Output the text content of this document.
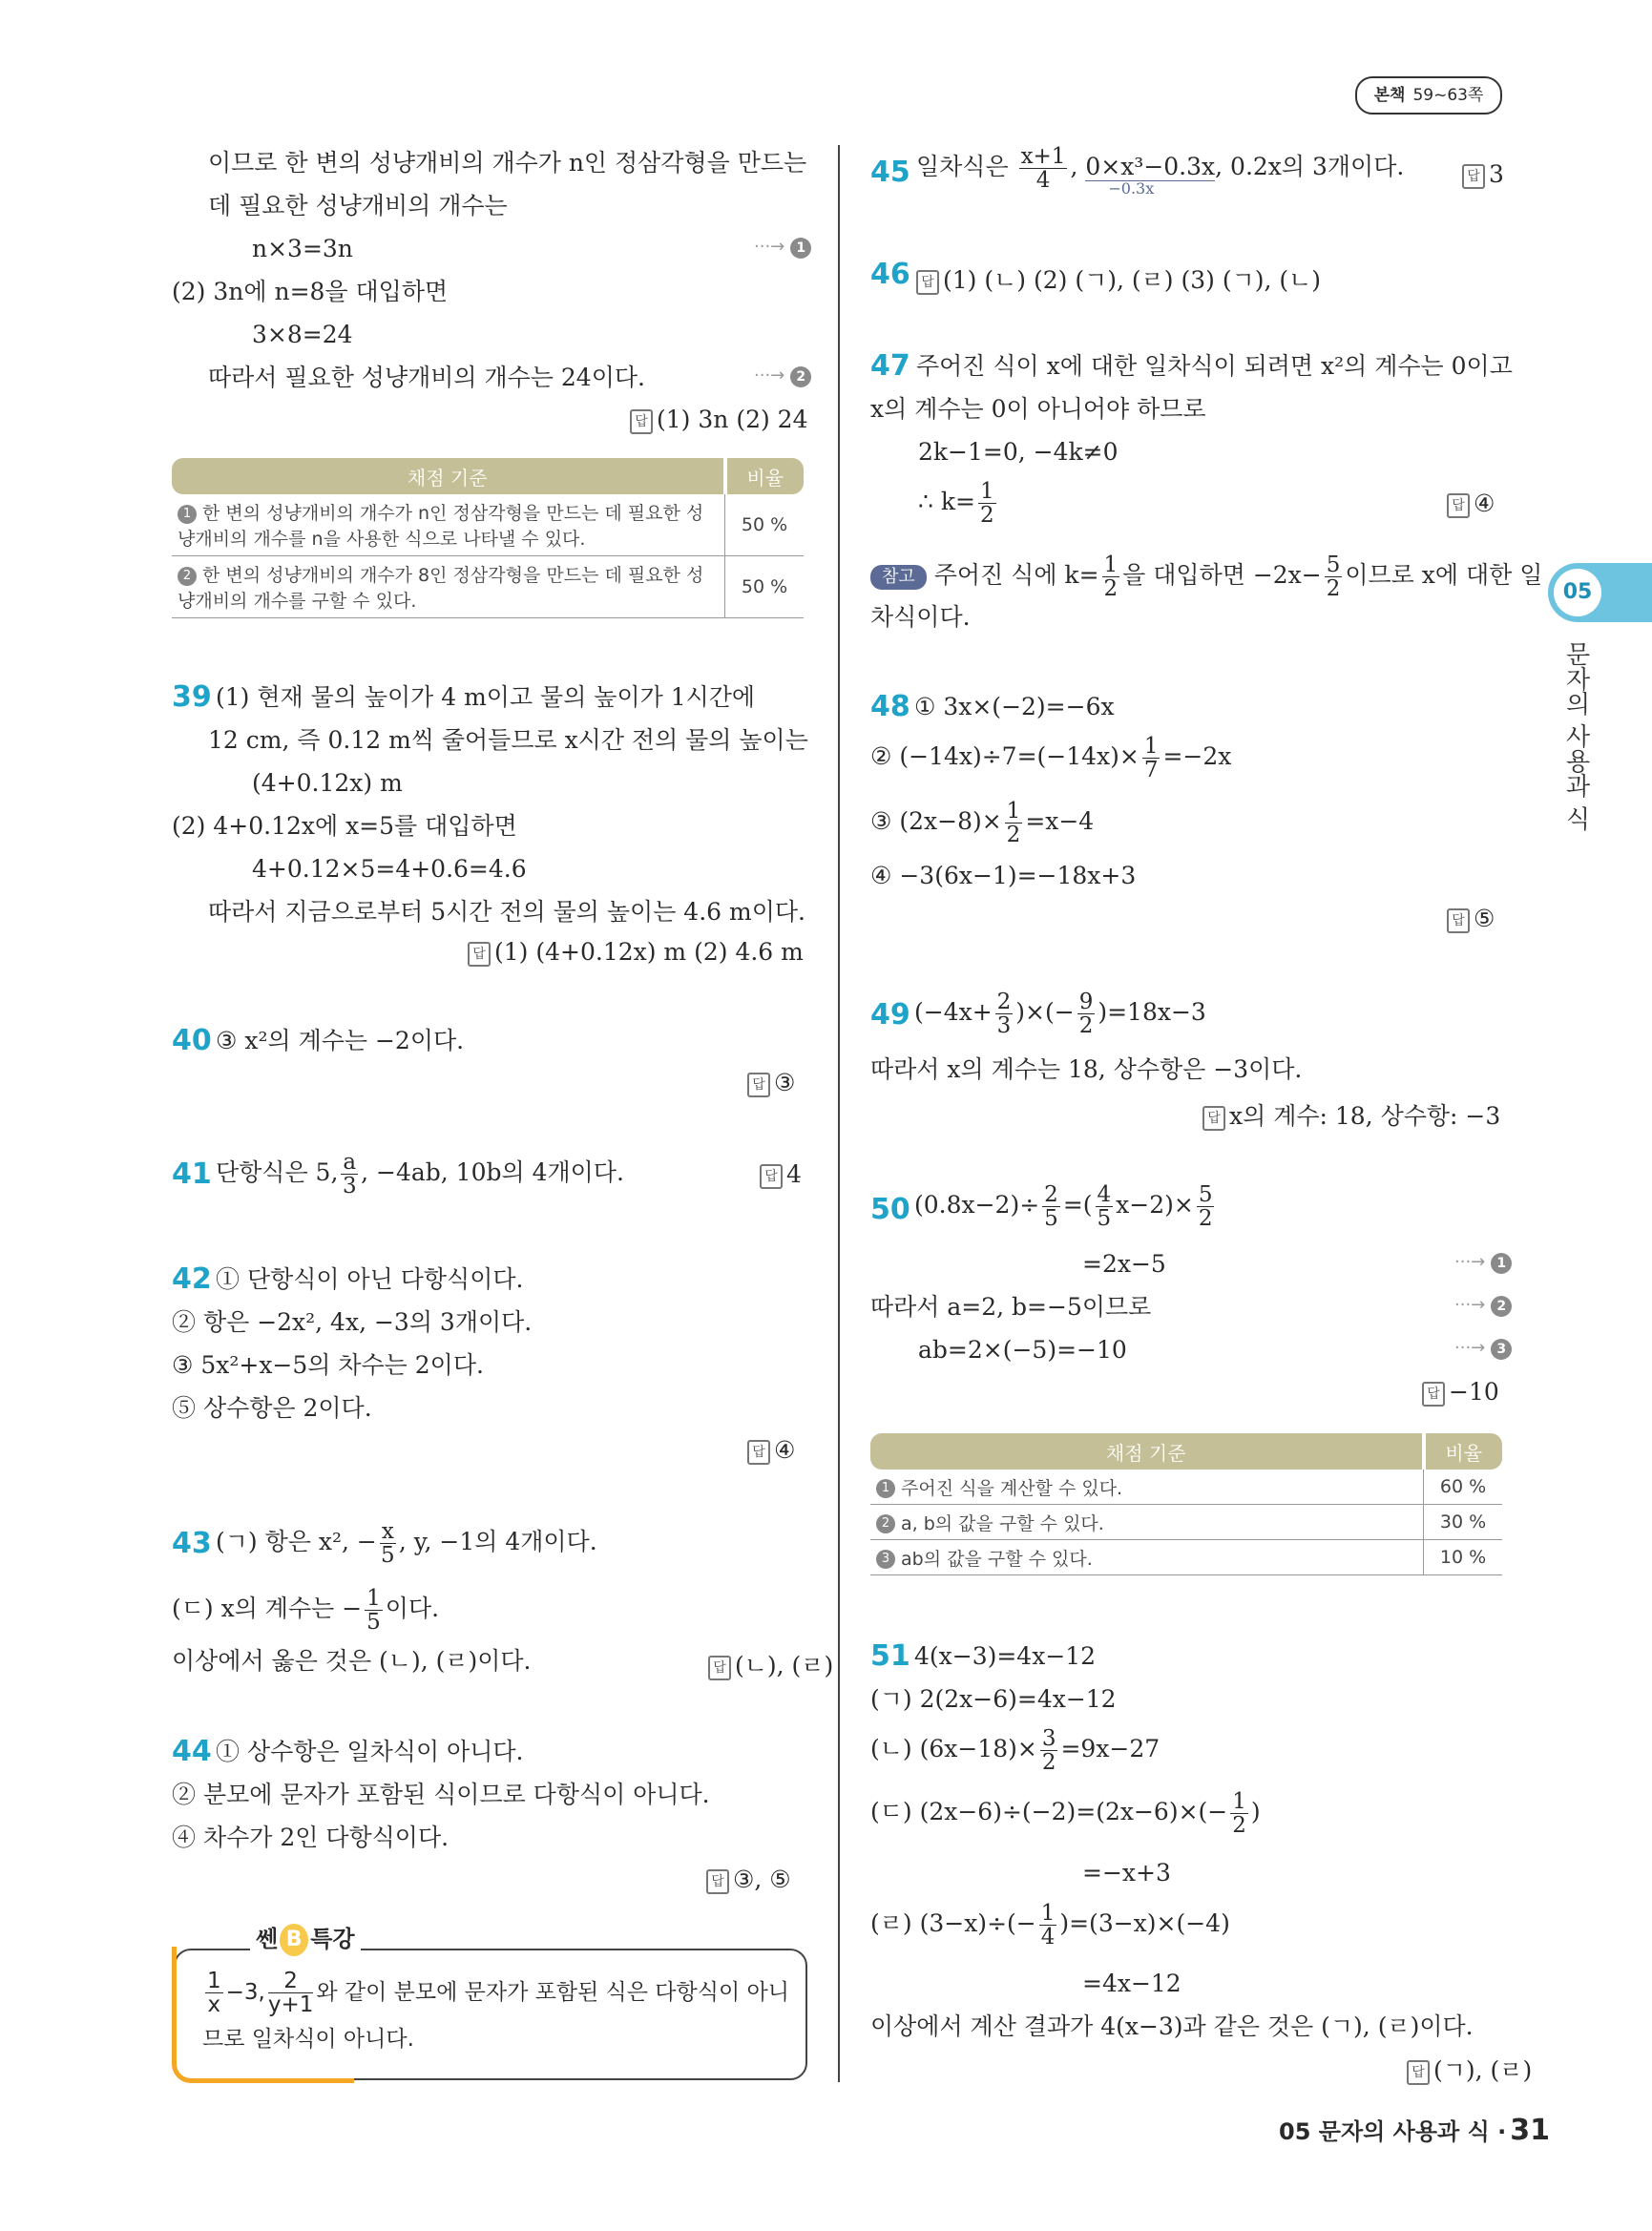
본책 59~63쪽
05
문자의 사용과 식
이므로 한 변의 성냥개비의 개수가 n인 정삼각형을 만드는
데 필요한 성냥개비의 개수는
n×3=3n	···→ 1
(2) 3n에 n=8을 대입하면
3×8=24
따라서 필요한 성냥개비의 개수는 24이다.	···→ 2
답 (1) 3n (2) 24
채점 기준	비율
1 한 변의 성냥개비의 개수가 n인 정삼각형을 만드는 데 필요한 성냥개비의 개수를 n을 사용한 식으로 나타낼 수 있다.	50 %
2 한 변의 성냥개비의 개수가 8인 정삼각형을 만드는 데 필요한 성냥개비의 개수를 구할 수 있다.	50 %
39 (1) 현재 물의 높이가 4 m이고 물의 높이가 1시간에
12 cm, 즉 0.12 m씩 줄어들므로 x시간 전의 물의 높이는
(4+0.12x) m
(2) 4+0.12x에 x=5를 대입하면
4+0.12×5=4+0.6=4.6
따라서 지금으로부터 5시간 전의 물의 높이는 4.6 m이다.
답 (1) (4+0.12x) m (2) 4.6 m
40 ③ x²의 계수는 −2이다.
답 ③
41 단항식은 5, $\frac{a}{3}$ , −4ab, 10b의 4개이다.	답 4
42 ① 단항식이 아닌 다항식이다.
② 항은 −2x², 4x, −3의 3개이다.
③ 5x²+x−5의 차수는 2이다.
⑤ 상수항은 2이다.
답 ④
43 (ㄱ) 항은 x², − $\frac{x}{5}$ , y, −1의 4개이다.
(ㄷ) x의 계수는 − $\frac{1}{5}$ 이다.
이상에서 옳은 것은 (ㄴ), (ㄹ)이다.	답 (ㄴ), (ㄹ)
44 ① 상수항은 일차식이 아니다.
② 분모에 문자가 포함된 식이므로 다항식이 아니다.
④ 차수가 2인 다항식이다.
답 ③, ⑤
쎈 B 특강
$\frac{1}{x} -3$, $\frac{2}{y+1}$ 와 같이 분모에 문자가 포함된 식은 다항식이 아니
므로 일차식이 아니다.
45 일차식은 $\frac{x+1}{4}$ , 0×x³−0.3x
−0.3x
, 0.2x의 3개이다.	답 3
46 답 (1) (ㄴ) (2) (ㄱ), (ㄹ) (3) (ㄱ), (ㄴ)
47 주어진 식이 x에 대한 일차식이 되려면 x²의 계수는 0이고
x의 계수는 0이 아니어야 하므로
2k−1=0, −4k≠0
∴ $k= \frac{1}{2}$	답 ④
참고 주어진 식에 $k= \frac{1}{2}$ 을 대입하면 $-2x- \frac{5}{2}$ 이므로 x에 대한 일
차식이다.
48 ① 3x×(−2)=−6x
② $(-14x)\div 7=(-14x)\times \frac{1}{7} =-2x$
③ $(2x-8)\times \frac{1}{2} =x-4$
④ −3(6x−1)=−18x+3
답 ⑤
49 ($-4x+ \frac{2}{3}$ )×(− $\frac{9}{2} )=18x-3$
따라서 x의 계수는 18, 상수항은 −3이다.
답 x의 계수: 18, 상수항: −3
50 $(0.8x-2)\div \frac{2}{5}$ =( $\frac{4}{5} x-2)\times \frac{5}{2}$
=2x−5	···→ 1
따라서 a=2, b=−5이므로	···→ 2
ab=2×(−5)=−10	···→ 3
답 −10
채점 기준	비율
1 주어진 식을 계산할 수 있다.	60 %
2 a, b의 값을 구할 수 있다.	30 %
3 ab의 값을 구할 수 있다.	10 %
51 4(x−3)=4x−12
(ㄱ) 2(2x−6)=4x−12
(ㄴ) $(6x-18)\times \frac{3}{2} =9x-27$
(ㄷ) $(2x-6)\div(-2)=(2x-6)\times(- \frac{1}{2}$ )
=−x+3
(ㄹ) $(3-x)\div(- \frac{1}{4} )=(3-x)\times(-4)$
=4x−12
이상에서 계산 결과가 4(x−3)과 같은 것은 (ㄱ), (ㄹ)이다.
답 (ㄱ), (ㄹ)
05 문자의 사용과 식 · 31
